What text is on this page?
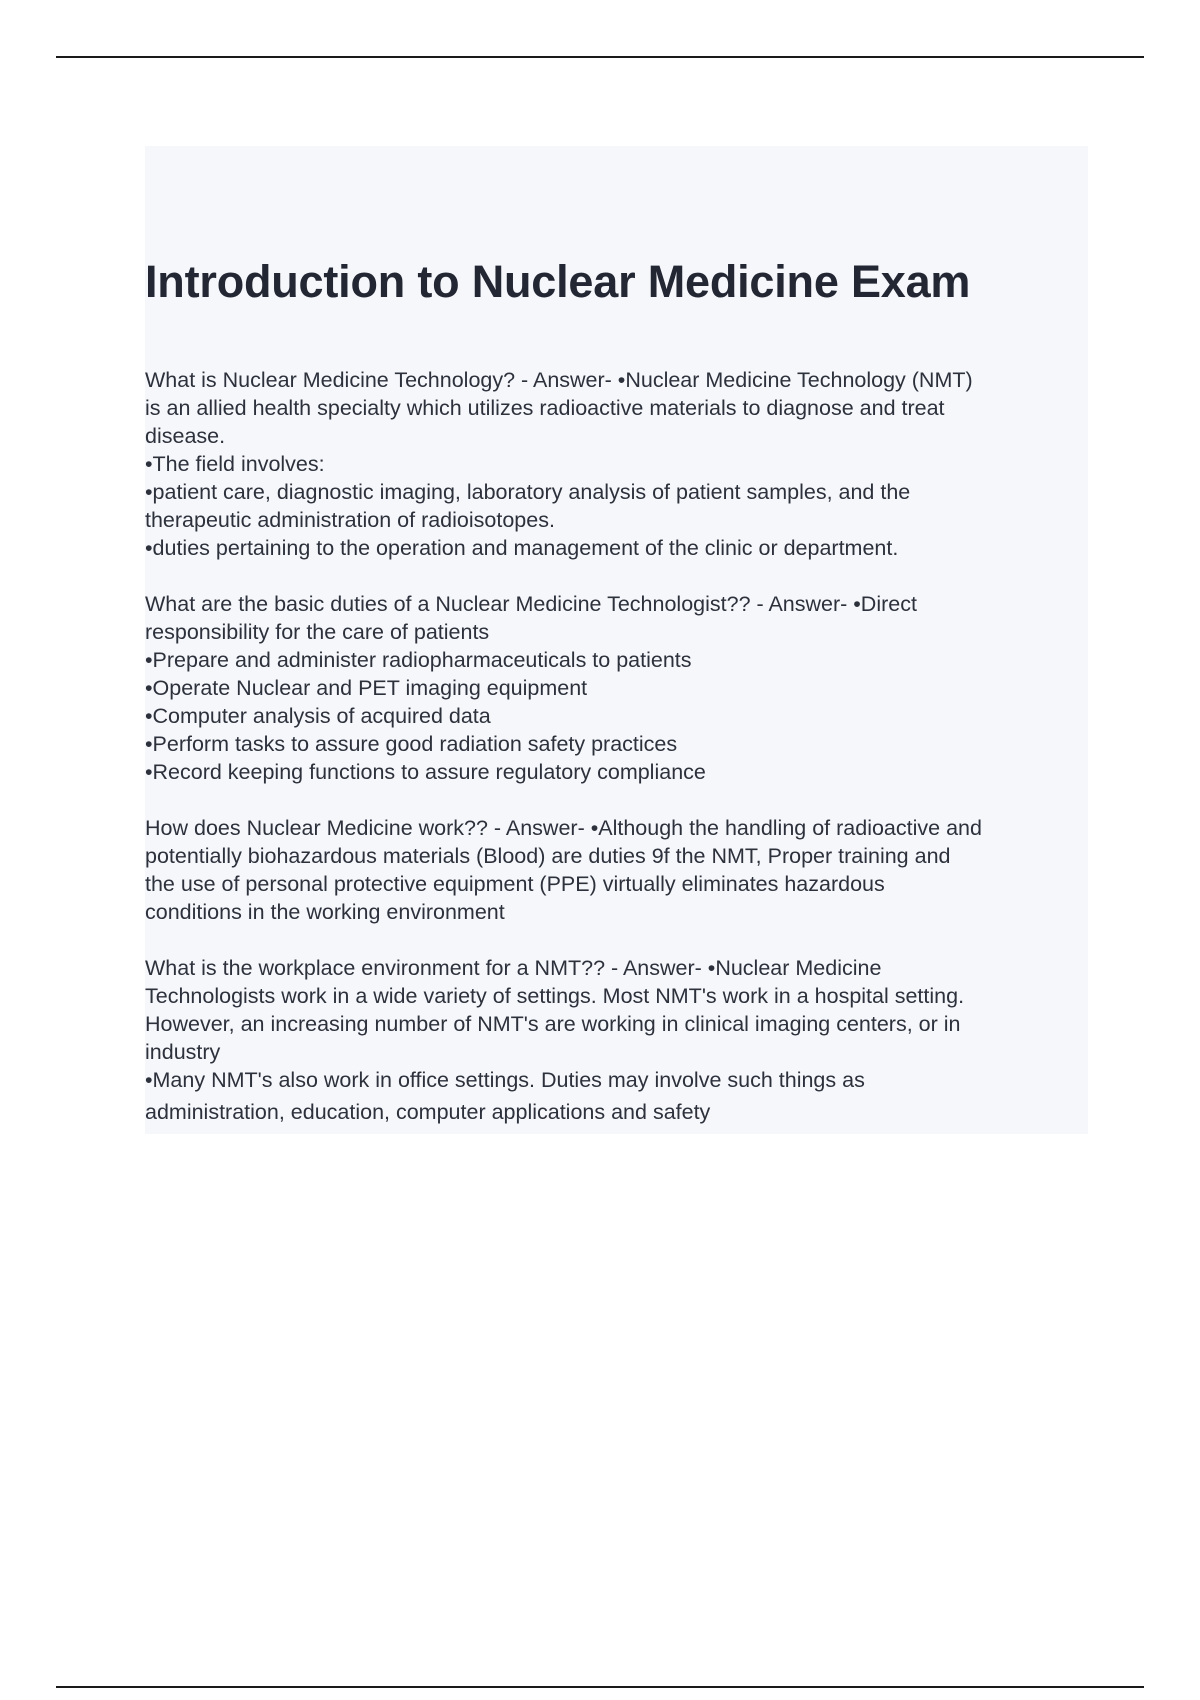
Introduction to Nuclear Medicine Exam
What is Nuclear Medicine Technology? - Answer- •Nuclear Medicine Technology (NMT)
is an allied health specialty which utilizes radioactive materials to diagnose and treat
disease.
•The field involves:
•patient care, diagnostic imaging, laboratory analysis of patient samples, and the
therapeutic administration of radioisotopes.
•duties pertaining to the operation and management of the clinic or department.
What are the basic duties of a Nuclear Medicine Technologist?? - Answer- •Direct
responsibility for the care of patients
•Prepare and administer radiopharmaceuticals to patients
•Operate Nuclear and PET imaging equipment
•Computer analysis of acquired data
•Perform tasks to assure good radiation safety practices
•Record keeping functions to assure regulatory compliance
How does Nuclear Medicine work?? - Answer- •Although the handling of radioactive and
potentially biohazardous materials (Blood) are duties 9f the NMT, Proper training and
the use of personal protective equipment (PPE) virtually eliminates hazardous
conditions in the working environment
What is the workplace environment for a NMT?? - Answer- •Nuclear Medicine
Technologists work in a wide variety of settings. Most NMT's work in a hospital setting.
However, an increasing number of NMT's are working in clinical imaging centers, or in
industry
•Many NMT's also work in office settings. Duties may involve such things as
administration, education, computer applications and safety
